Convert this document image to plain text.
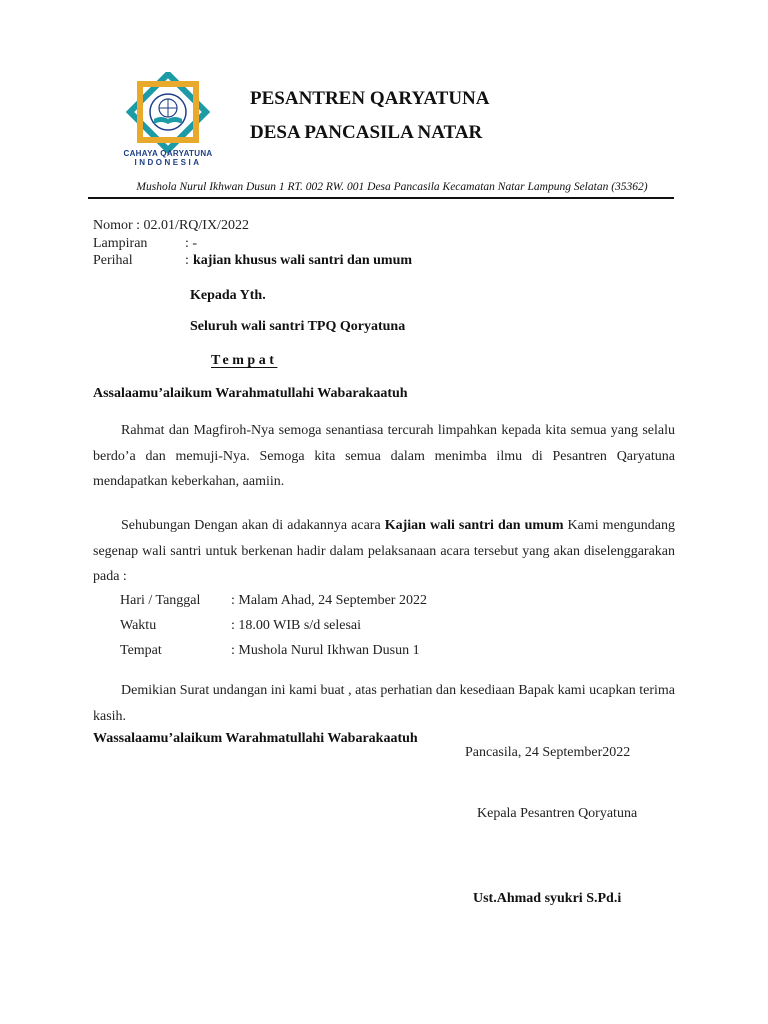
CAHAYA QARYATUNA
INDONESIA
PESANTREN QARYATUNA
DESA PANCASILA NATAR
Mushola Nurul Ikhwan Dusun 1 RT. 002 RW. 001 Desa Pancasila Kecamatan Natar Lampung Selatan (35362)
Nomor : 02.01/RQ/IX/2022
Lampiran	: -
Perihal	: kajian khusus wali santri dan umum
Kepada Yth.
Seluruh wali santri TPQ Qoryatuna
Tempat
Assalaamu’alaikum Warahmatullahi Wabarakaatuh
Rahmat dan Magfiroh-Nya semoga senantiasa tercurah limpahkan kepada kita semua yang selalu berdo’a dan memuji-Nya. Semoga kita semua dalam menimba ilmu di Pesantren Qaryatuna mendapatkan keberkahan, aamiin.
Sehubungan Dengan akan di adakannya acara Kajian wali santri dan umum Kami mengundang segenap wali santri untuk berkenan hadir dalam pelaksanaan acara tersebut yang akan diselenggarakan pada :
Hari / Tanggal : Malam Ahad, 24 September 2022
Waktu	: 18.00 WIB s/d selesai
Tempat	: Mushola Nurul Ikhwan Dusun 1
Demikian Surat undangan ini kami buat , atas perhatian dan kesediaan Bapak kami ucapkan terima kasih.
Wassalaamu’alaikum Warahmatullahi Wabarakaatuh
Pancasila, 24 September2022
Kepala Pesantren Qoryatuna
Ust.Ahmad syukri S.Pd.i
